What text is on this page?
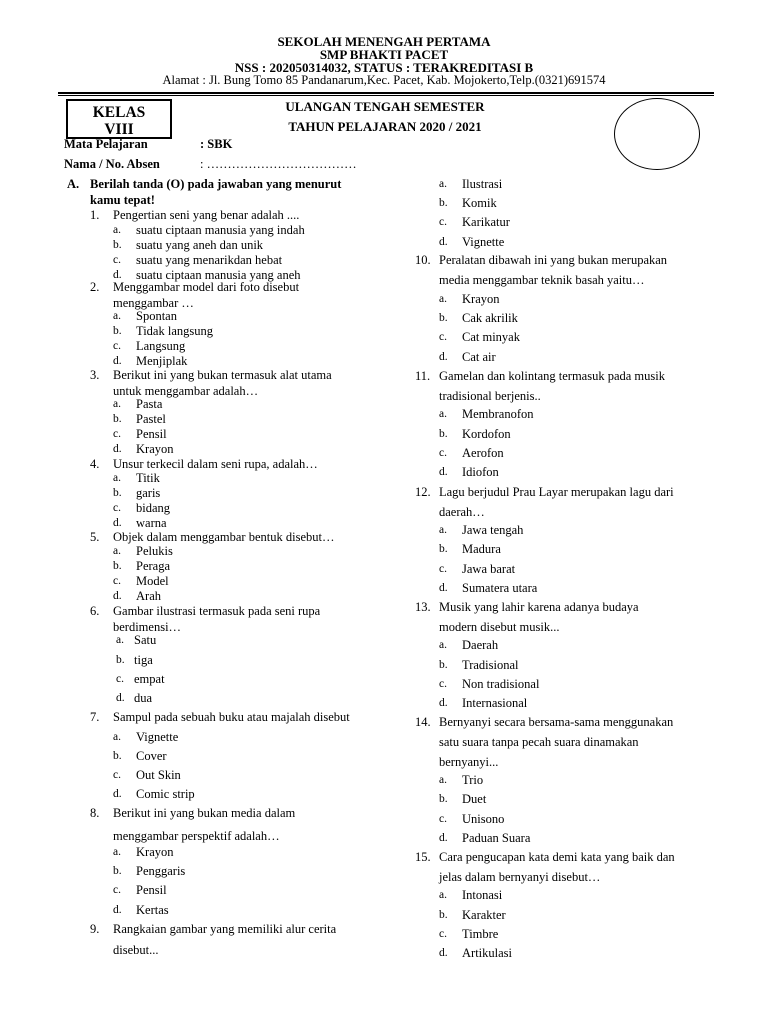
SEKOLAH MENENGAH PERTAMA
SMP BHAKTI PACET
NSS : 202050314032, STATUS : TERAKREDITASI B
Alamat : Jl. Bung Tomo 85 Pandanarum,Kec. Pacet, Kab. Mojokerto,Telp.(0321)691574
KELAS
VIII
ULANGAN TENGAH SEMESTER
TAHUN PELAJARAN 2020 / 2021
Mata Pelajaran	: SBK
Nama / No. Absen	: ………………………………
A. Berilah tanda (O) pada jawaban yang menurut
kamu tepat!
1. Pengertian seni yang benar adalah ....
a. suatu ciptaan manusia yang indah
b. suatu yang aneh dan unik
c. suatu yang menarikdan hebat
d. suatu ciptaan manusia yang aneh
2. Menggambar model dari foto disebut
menggambar …
a. Spontan
b. Tidak langsung
c. Langsung
d. Menjiplak
3. Berikut ini yang bukan termasuk alat utama
untuk menggambar adalah…
a. Pasta
b. Pastel
c. Pensil
d. Krayon
4. Unsur terkecil dalam seni rupa, adalah…
a. Titik
b. garis
c. bidang
d. warna
5. Objek dalam menggambar bentuk disebut…
a. Pelukis
b. Peraga
c. Model
d. Arah
6. Gambar ilustrasi termasuk pada seni rupa
berdimensi…
a. Satu
b. tiga
c. empat
d. dua
7. Sampul pada sebuah buku atau majalah disebut
a. Vignette
b. Cover
c. Out Skin
d. Comic strip
8. Berikut ini yang bukan media dalam
menggambar perspektif adalah…
a. Krayon
b. Penggaris
c. Pensil
d. Kertas
9. Rangkaian gambar yang memiliki alur cerita
disebut...
a. Ilustrasi
b. Komik
c. Karikatur
d. Vignette
10. Peralatan dibawah ini yang bukan merupakan
media menggambar teknik basah yaitu…
a. Krayon
b. Cak akrilik
c. Cat minyak
d. Cat air
11. Gamelan dan kolintang termasuk pada musik
tradisional berjenis..
a. Membranofon
b. Kordofon
c. Aerofon
d. Idiofon
12. Lagu berjudul Prau Layar merupakan lagu dari
daerah…
a. Jawa tengah
b. Madura
c. Jawa barat
d. Sumatera utara
13. Musik yang lahir karena adanya budaya
modern disebut musik...
a. Daerah
b. Tradisional
c. Non tradisional
d. Internasional
14. Bernyanyi secara bersama-sama menggunakan
satu suara tanpa pecah suara dinamakan
bernyanyi...
a. Trio
b. Duet
c. Unisono
d. Paduan Suara
15. Cara pengucapan kata demi kata yang baik dan
jelas dalam bernyanyi disebut…
a. Intonasi
b. Karakter
c. Timbre
d. Artikulasi
